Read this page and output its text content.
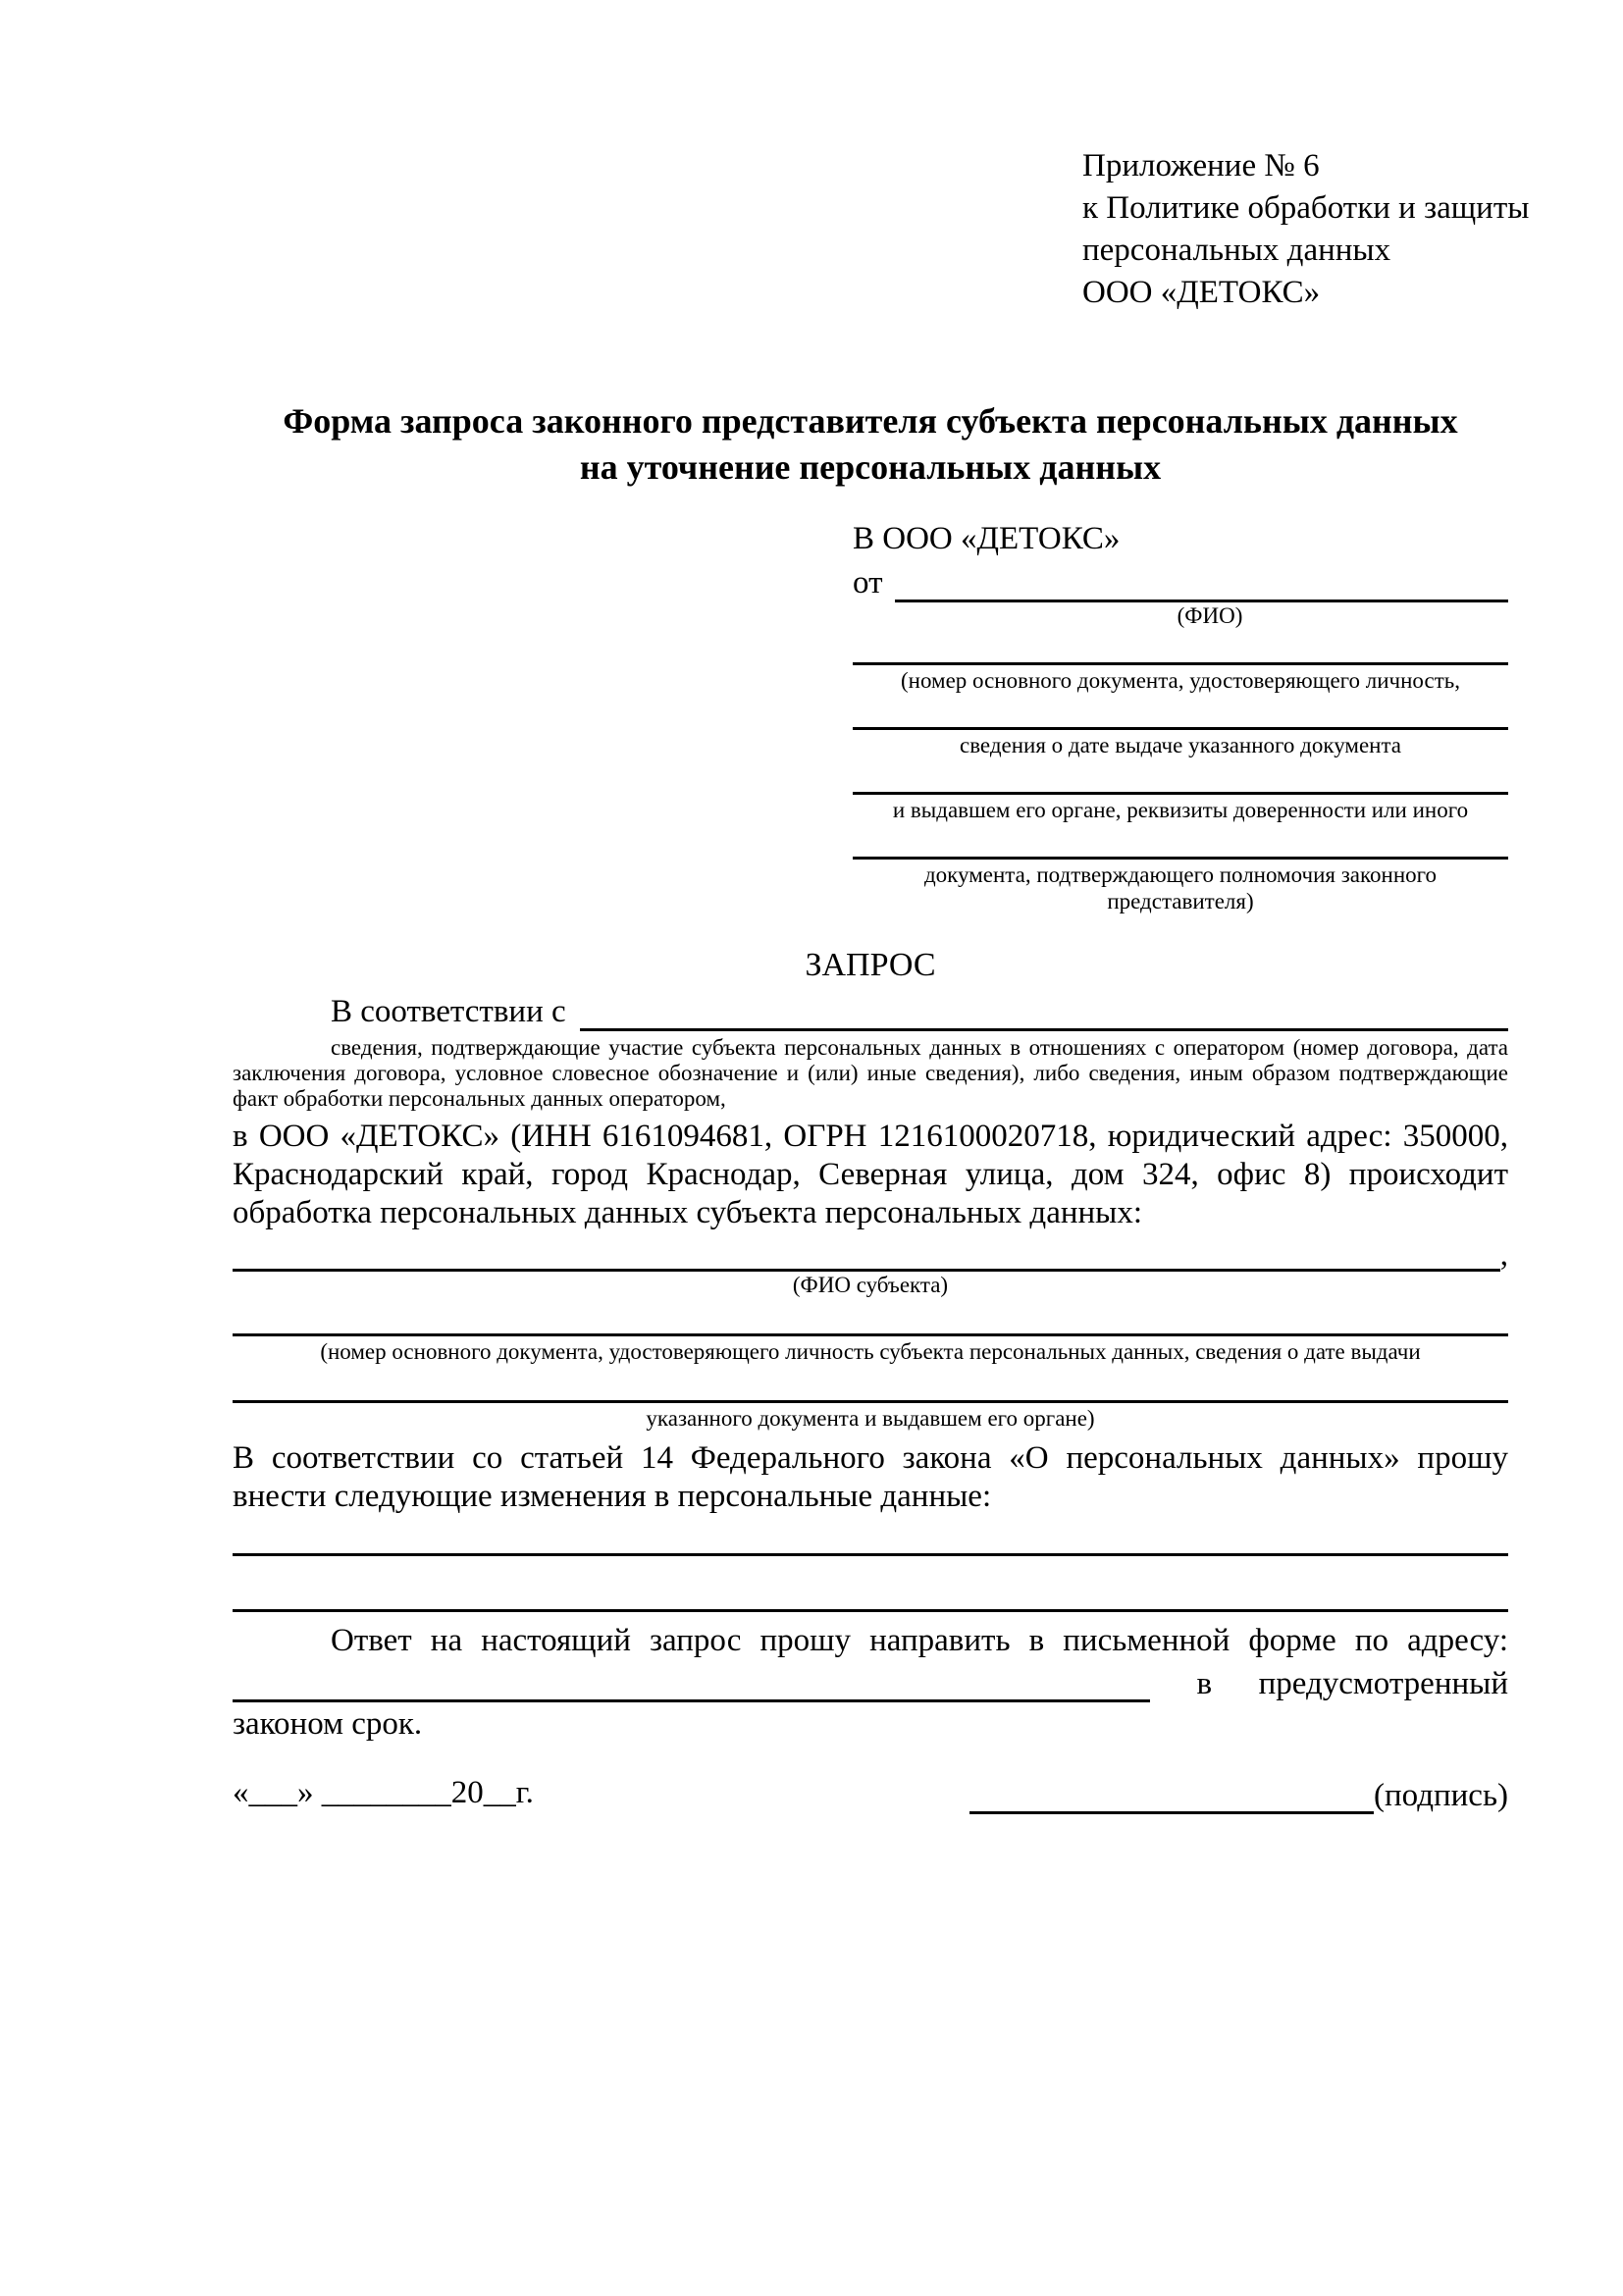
Приложение № 6
к Политике обработки и защиты
персональных данных
ООО «ДЕТОКС»
Форма запроса законного представителя субъекта персональных данных
на уточнение персональных данных
В ООО «ДЕТОКС»
от
(ФИО)
(номер основного документа, удостоверяющего личность,
сведения о дате выдаче указанного документа
и выдавшем его органе, реквизиты доверенности или иного
документа, подтверждающего полномочия законного представителя)
ЗАПРОС
В соответствии с
сведения, подтверждающие участие субъекта персональных данных в отношениях с оператором (номер договора, дата заключения договора, условное словесное обозначение и (или) иные сведения), либо сведения, иным образом подтверждающие факт обработки персональных данных оператором,
в ООО «ДЕТОКС» (ИНН 6161094681, ОГРН 1216100020718, юридический адрес: 350000, Краснодарский край, город Краснодар, Северная улица, дом 324, офис 8) происходит обработка персональных данных субъекта персональных данных:
,
(ФИО субъекта)
(номер основного документа, удостоверяющего личность субъекта персональных данных, сведения о дате выдачи
указанного документа и выдавшем его органе)
В соответствии со статьей 14 Федерального закона «О персональных данных» прошу внести следующие изменения в персональные данные:
Ответ на настоящий запрос прошу направить в письменной форме по адресу:
в предусмотренный
законом срок.
«___» ________20__г.	(подпись)
